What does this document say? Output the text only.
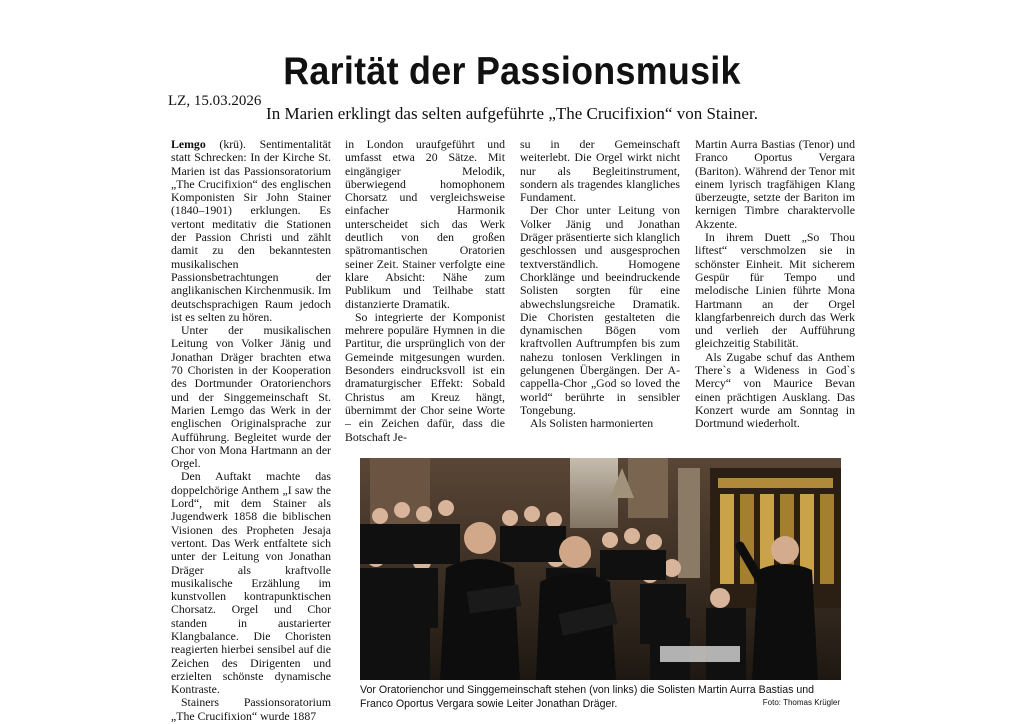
Rarität der Passionsmusik
LZ, 15.03.2026
In Marien erklingt das selten aufgeführte „The Crucifixion“ von Stainer.

Lemgo (krü). Sentimentalität statt Schrecken: In der Kirche St. Marien ist das Passionsoratorium „The Crucifixion“ des englischen Komponisten Sir John Stainer (1840–1901) erklungen. Es vertont meditativ die Stationen der Passion Christi und zählt damit zu den bekanntesten musikalischen Passionsbetrachtungen der anglikanischen Kirchenmusik. Im deutschsprachigen Raum jedoch ist es selten zu hören.

Unter der musikalischen Leitung von Volker Jänig und Jonathan Dräger brachten etwa 70 Choristen in der Kooperation des Dortmunder Oratorienchors und der Singgemeinschaft St. Marien Lemgo das Werk in der englischen Originalsprache zur Aufführung. Begleitet wurde der Chor von Mona Hartmann an der Orgel.

Den Auftakt machte das doppelchörige Anthem „I saw the Lord“, mit dem Stainer als Jugendwerk 1858 die biblischen Visionen des Propheten Jesaja vertont. Das Werk entfaltete sich unter der Leitung von Jonathan Dräger als kraftvolle musikalische Erzählung im kunstvollen kontrapunktischen Chorsatz. Orgel und Chor standen in austarierter Klangbalance. Die Choristen reagierten hierbei sensibel auf die Zeichen des Dirigenten und erzielten schönste dynamische Kontraste.

Stainers Passionsoratorium „The Crucifixion“ wurde 1887

in London uraufgeführt und umfasst etwa 20 Sätze. Mit eingängiger Melodik, überwiegend homophonem Chorsatz und vergleichsweise einfacher Harmonik unterscheidet sich das Werk deutlich von den großen spätromantischen Oratorien seiner Zeit. Stainer verfolgte eine klare Absicht: Nähe zum Publikum und Teilhabe statt distanzierte Dramatik.

So integrierte der Komponist mehrere populäre Hymnen in die Partitur, die ursprünglich von der Gemeinde mitgesungen wurden. Besonders eindrucksvoll ist ein dramaturgischer Effekt: Sobald Christus am Kreuz hängt, übernimmt der Chor seine Worte – ein Zeichen dafür, dass die Botschaft Je-

su in der Gemeinschaft weiterlebt. Die Orgel wirkt nicht nur als Begleitinstrument, sondern als tragendes klangliches Fundament.

Der Chor unter Leitung von Volker Jänig und Jonathan Dräger präsentierte sich klanglich geschlossen und ausgesprochen textverständlich. Homogene Chorklänge und beeindruckende Solisten sorgten für eine abwechslungsreiche Dramatik. Die Choristen gestalteten die dynamischen Bögen vom kraftvollen Auftrumpfen bis zum nahezu tonlosen Verklingen in gelungenen Übergängen. Der A-cappella-Chor „God so loved the world“ berührte in sensibler Tongebung.

Als Solisten harmonierten

Martin Aurra Bastias (Tenor) und Franco Oportus Vergara (Bariton). Während der Tenor mit einem lyrisch tragfähigen Klang überzeugte, setzte der Bariton im kernigen Timbre charaktervolle Akzente.

In ihrem Duett „So Thou liftest“ verschmolzen sie in schönster Einheit. Mit sicherem Gespür für Tempo und melodische Linien führte Mona Hartmann an der Orgel klangfarbenreich durch das Werk und verlieh der Aufführung gleichzeitig Stabilität.

Als Zugabe schuf das Anthem There`s a Wideness in God`s Mercy“ von Maurice Bevan einen prächtigen Ausklang. Das Konzert wurde am Sonntag in Dortmund wiederholt.

Vor Oratorienchor und Singgemeinschaft stehen (von links) die Solisten Martin Aurra Bastias und Franco Oportus Vergara sowie Leiter Jonathan Dräger.	Foto: Thomas Krügler
